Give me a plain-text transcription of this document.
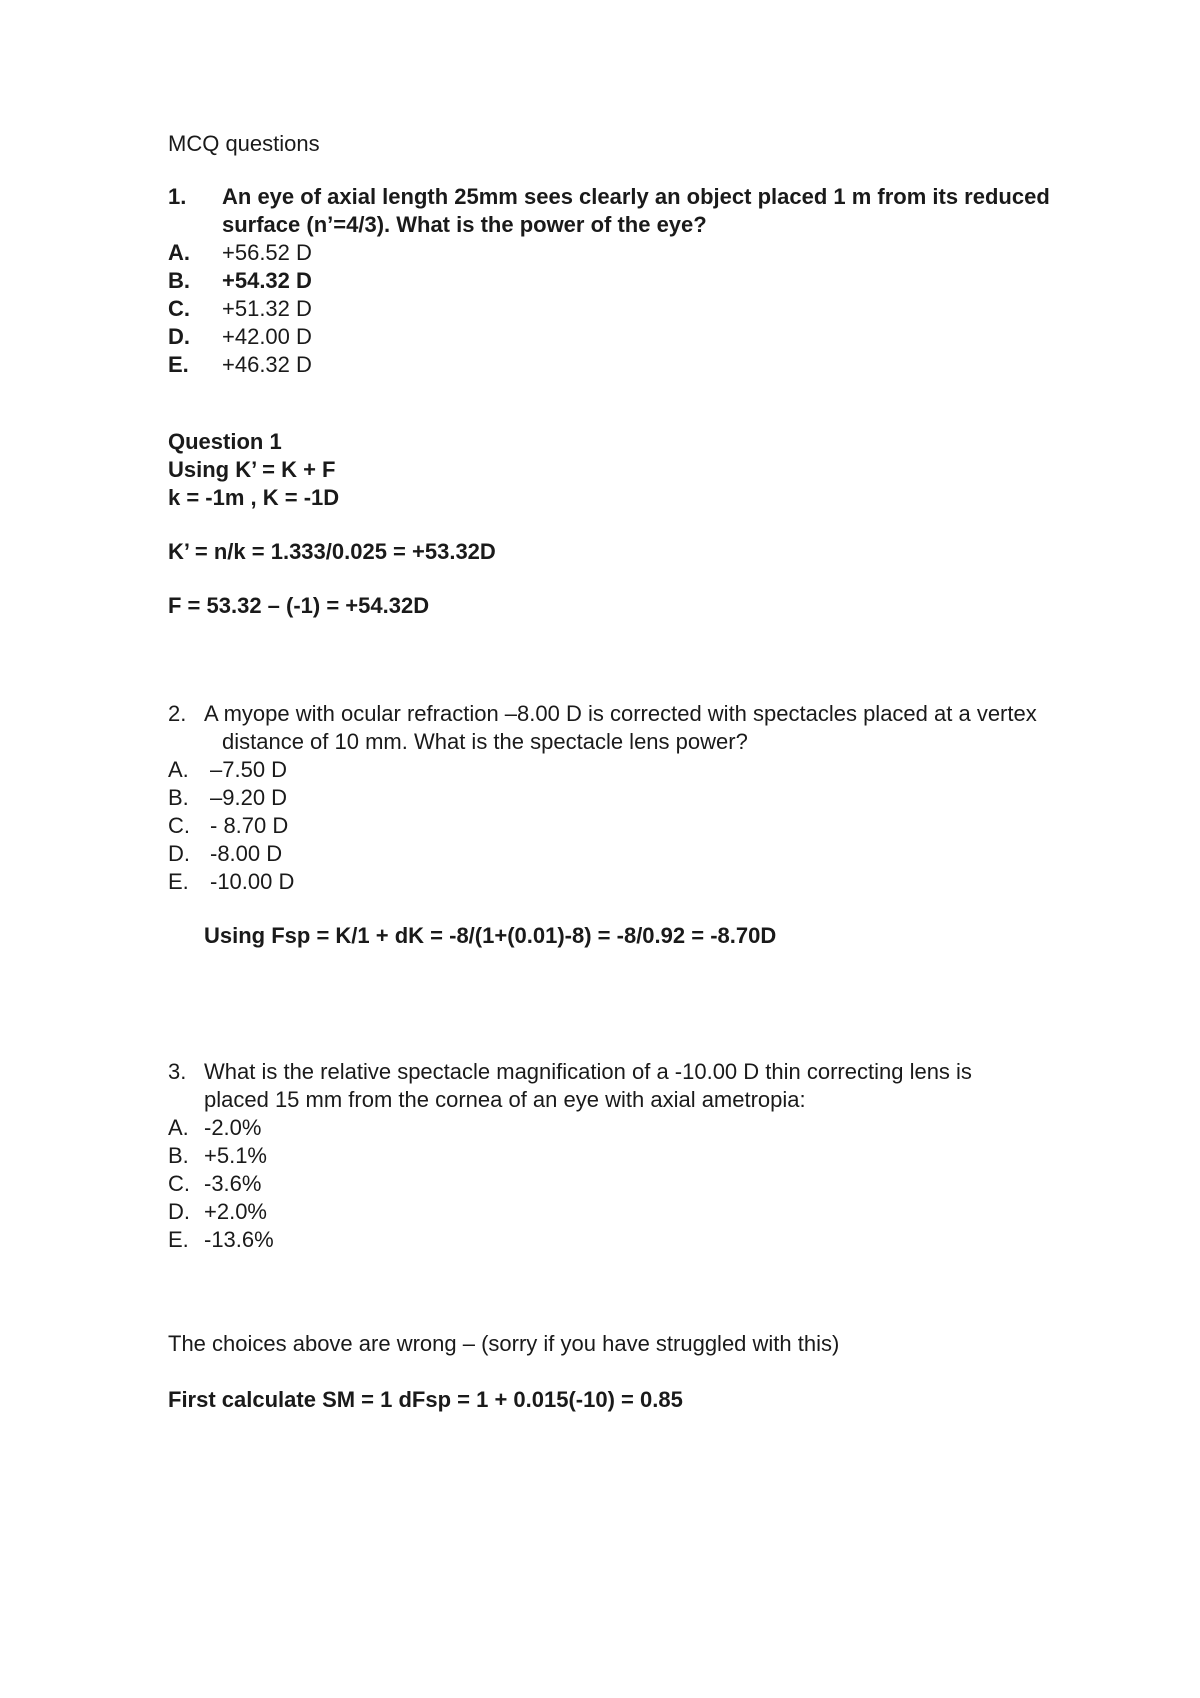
MCQ questions
1.	An eye of axial length 25mm sees clearly an object placed 1 m from its reduced
surface (n’=4/3). What is the power of the eye?
A.	+56.52 D
B.	+54.32 D
C.	+51.32 D
D.	+42.00 D
E.	+46.32 D
Question 1
Using K’ = K + F
k = -1m , K = -1D
K’ = n/k = 1.333/0.025 = +53.32D
F = 53.32 – (-1) = +54.32D
2. A myope with ocular refraction –8.00 D is corrected with spectacles placed at a vertex
distance of 10 mm. What is the spectacle lens power?
A. –7.50 D
B. –9.20 D
C. - 8.70 D
D. -8.00 D
E. -10.00 D
Using Fsp = K/1 + dK = -8/(1+(0.01)-8) = -8/0.92 = -8.70D
3. What is the relative spectacle magnification of a -10.00 D thin correcting lens is
placed 15 mm from the cornea of an eye with axial ametropia:
A. -2.0%
B. +5.1%
C. -3.6%
D. +2.0%
E. -13.6%
The choices above are wrong – (sorry if you have struggled with this)
First calculate SM = 1 dFsp = 1 + 0.015(-10) = 0.85
